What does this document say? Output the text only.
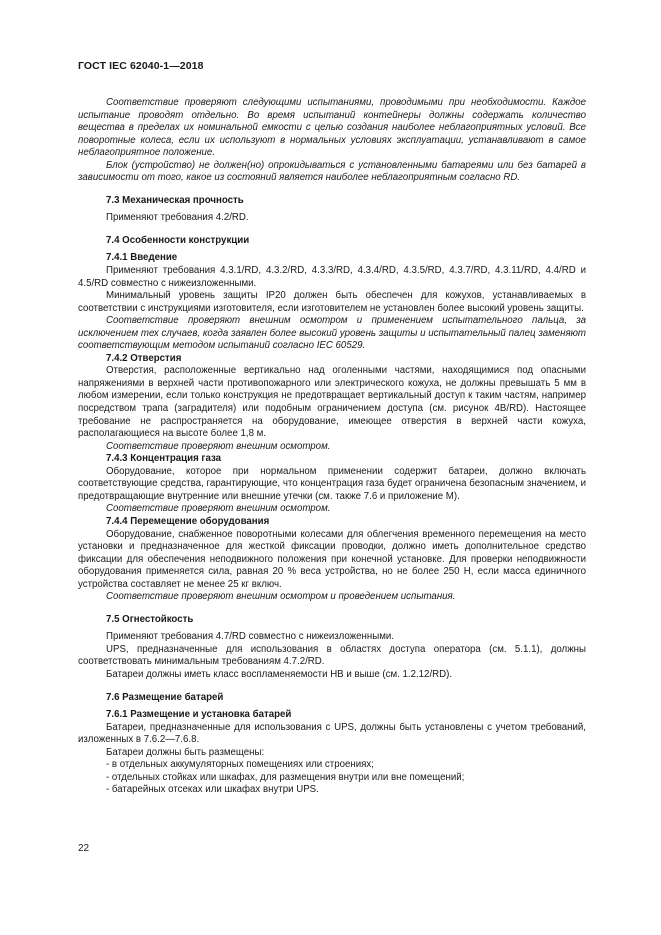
ГОСТ IEC 62040-1—2018

Соответствие проверяют следующими испытаниями, проводимыми при необходимости. Каждое испытание проводят отдельно. Во время испытаний контейнеры должны содержать количество вещества в пределах их номинальной емкости с целью создания наиболее неблагоприятных условий. Все поворотные колеса, если их используют в нормальных условиях эксплуатации, устанавливают в самое неблагоприятное положение.

Блок (устройство) не должен(но) опрокидываться с установленными батареями или без батарей в зависимости от того, какое из состояний является наиболее неблагоприятным согласно RD.

7.3 Механическая прочность

Применяют требования 4.2/RD.

7.4 Особенности конструкции

7.4.1 Введение

Применяют требования 4.3.1/RD, 4.3.2/RD, 4.3.3/RD, 4.3.4/RD, 4.3.5/RD, 4.3.7/RD, 4.3.11/RD, 4.4/RD и 4.5/RD совместно с нижеизложенными.

Минимальный уровень защиты IP20 должен быть обеспечен для кожухов, устанавливаемых в соответствии с инструкциями изготовителя, если изготовителем не установлен более высокий уровень защиты.

Соответствие проверяют внешним осмотром и применением испытательного пальца, за исключением тех случаев, когда заявлен более высокий уровень защиты и испытательный палец заменяют соответствующим методом испытаний согласно IEC 60529.

7.4.2 Отверстия

Отверстия, расположенные вертикально над оголенными частями, находящимися под опасными напряжениями в верхней части противопожарного или электрического кожуха, не должны превышать 5 мм в любом измерении, если только конструкция не предотвращает вертикальный доступ к таким частям, например посредством трапа (заградителя) или подобным ограничением доступа (см. рисунок 4B/RD). Настоящее требование не распространяется на оборудование, имеющее отверстия в верхней части кожуха, располагающиеся на высоте более 1,8 м.

Соответствие проверяют внешним осмотром.

7.4.3 Концентрация газа

Оборудование, которое при нормальном применении содержит батареи, должно включать соответствующие средства, гарантирующие, что концентрация газа будет ограничена безопасным значением, и предотвращающие внутренние или внешние утечки (см. также 7.6 и приложение M).

Соответствие проверяют внешним осмотром.

7.4.4 Перемещение оборудования

Оборудование, снабженное поворотными колесами для облегчения временного перемещения на место установки и предназначенное для жесткой фиксации проводки, должно иметь дополнительное средство фиксации для обеспечения неподвижного положения при конечной установке. Для проверки неподвижности оборудования применяется сила, равная 20 % веса устройства, но не более 250 Н, если масса единичного устройства составляет не менее 25 кг включ.

Соответствие проверяют внешним осмотром и проведением испытания.

7.5 Огнестойкость

Применяют требования 4.7/RD совместно с нижеизложенными.

UPS, предназначенные для использования в областях доступа оператора (см. 5.1.1), должны соответствовать минимальным требованиям 4.7.2/RD.

Батареи должны иметь класс воспламеняемости НВ и выше (см. 1.2.12/RD).

7.6 Размещение батарей

7.6.1 Размещение и установка батарей

Батареи, предназначенные для использования с UPS, должны быть установлены с учетом требований, изложенных в 7.6.2—7.6.8.

Батареи должны быть размещены:

- в отдельных аккумуляторных помещениях или строениях;

- отдельных стойках или шкафах, для размещения внутри или вне помещений;

- батарейных отсеках или шкафах внутри UPS.

22
